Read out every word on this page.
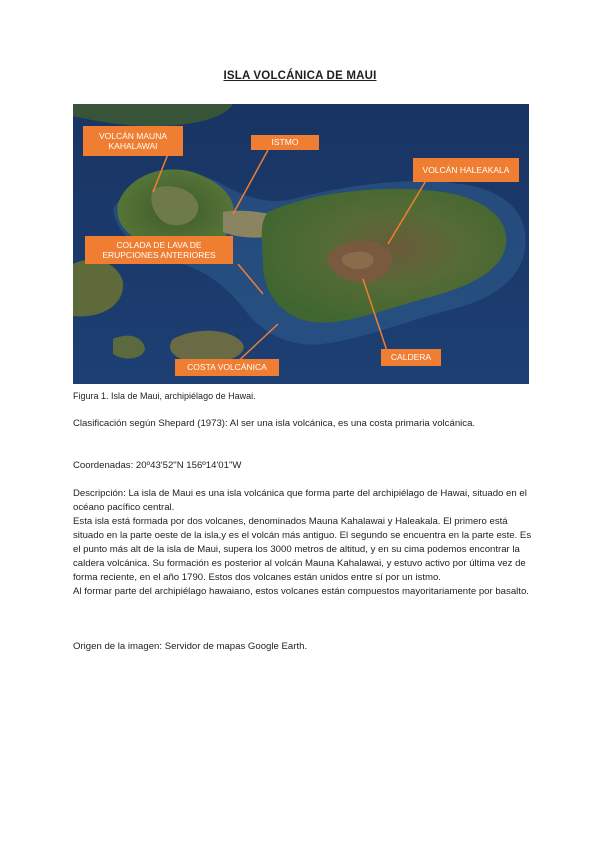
ISLA VOLCÁNICA DE MAUI
VOLCÁN MAUNA KAHALAWAI	ISTMO
VOLCÁN HALEAKALA
COLADA DE LAVA DE ERUPCIONES ANTERIORES
CALDERA
COSTA VOLCÁNICA
Figura 1. Isla de Maui, archipiélago de Hawai.
Clasificación según Shepard (1973): Al ser una isla volcánica, es una costa primaria volcánica.
Coordenadas: 20º43'52"N 156º14'01"W

Descripción: La isla de Maui es una isla volcánica que forma parte del archipiélago de Hawai, situado en el océano pacífico central.

Esta isla está formada por dos volcanes, denominados Mauna Kahalawai y Haleakala. El primero está situado en la parte oeste de la isla,y es el volcán más antiguo. El segundo se encuentra en la parte este. Es el punto más alt de la isla de Maui, supera los 3000 metros de altitud, y en su cima podemos encontrar la caldera volcánica. Su formación es posterior al volcán Mauna Kahalawai, y estuvo activo por última vez de forma reciente, en el año 1790. Estos dos volcanes están unidos entre sí por un istmo.

Al formar parte del archipiélago hawaiano, estos volcanes están compuestos mayoritariamente por basalto.

Origen de la imagen: Servidor de mapas Google Earth.
